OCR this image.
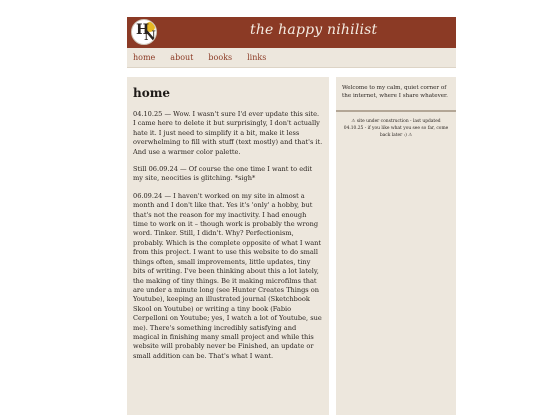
H
N	the happy nihilist
home about books links
home

04.10.25 — Wow. I wasn't sure I'd ever update this site. I came here to delete it but surprisingly, I don't actually hate it. I just need to simplify it a bit, make it less overwhelming to fill with stuff (text mostly) and that's it. And use a warmer color palette.

Still 06.09.24 — Of course the one time I want to edit my site, neocities is glitching. *sigh*

06.09.24 — I haven't worked on my site in almost a month and I don't like that. Yes it's 'only' a hobby, but that's not the reason for my inactivity. I had enough time to work on it – though work is probably the wrong word. Tinker. Still, I didn't. Why? Perfectionism, probably. Which is the complete opposite of what I want from this project. I want to use this website to do small things often, small improvements, little updates, tiny bits of writing. I've been thinking about this a lot lately, the making of tiny things. Be it making microfilms that are under a minute long (see Hunter Creates Things on Youtube), keeping an illustrated journal (Sketchbook Skool on Youtube) or writing a tiny book (Fabio Cerpelloni on Youtube; yes, I watch a lot of Youtube, sue me). There's something incredibly satisfying and magical in finishing many small project and while this website will probably never be Finished, an update or small addition can be. That's what I want.

Welcome to my calm, quiet corner of the internet, where I share whatever.
⚠ site under construction - last updated 04.10.25 - if you like what you see so far, come back later :) ⚠
